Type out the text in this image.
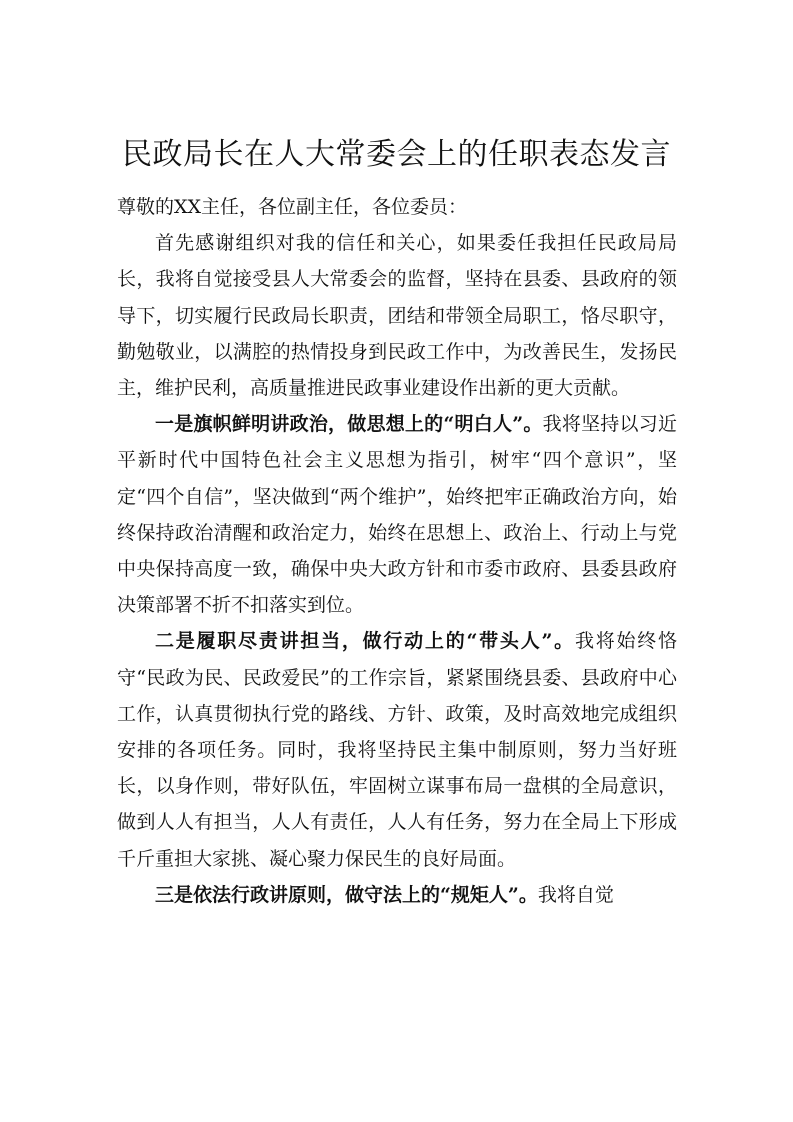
民政局长在人大常委会上的任职表态发言

尊敬的XX主任，各位副主任，各位委员：

首先感谢组织对我的信任和关心，如果委任我担任民政局局长，我将自觉接受县人大常委会的监督，坚持在县委、县政府的领导下，切实履行民政局长职责，团结和带领全局职工，恪尽职守，勤勉敬业，以满腔的热情投身到民政工作中，为改善民生，发扬民主，维护民利，高质量推进民政事业建设作出新的更大贡献。

一是旗帜鲜明讲政治，做思想上的“明白人”。我将坚持以习近平新时代中国特色社会主义思想为指引，树牢“四个意识”，坚定“四个自信”，坚决做到“两个维护”，始终把牢正确政治方向，始终保持政治清醒和政治定力，始终在思想上、政治上、行动上与党中央保持高度一致，确保中央大政方针和市委市政府、县委县政府决策部署不折不扣落实到位。

二是履职尽责讲担当，做行动上的“带头人”。我将始终恪守“民政为民、民政爱民”的工作宗旨，紧紧围绕县委、县政府中心工作，认真贯彻执行党的路线、方针、政策，及时高效地完成组织安排的各项任务。同时，我将坚持民主集中制原则，努力当好班长，以身作则，带好队伍，牢固树立谋事布局一盘棋的全局意识，做到人人有担当，人人有责任，人人有任务，努力在全局上下形成千斤重担大家挑、凝心聚力保民生的良好局面。

三是依法行政讲原则，做守法上的“规矩人”。我将自觉
